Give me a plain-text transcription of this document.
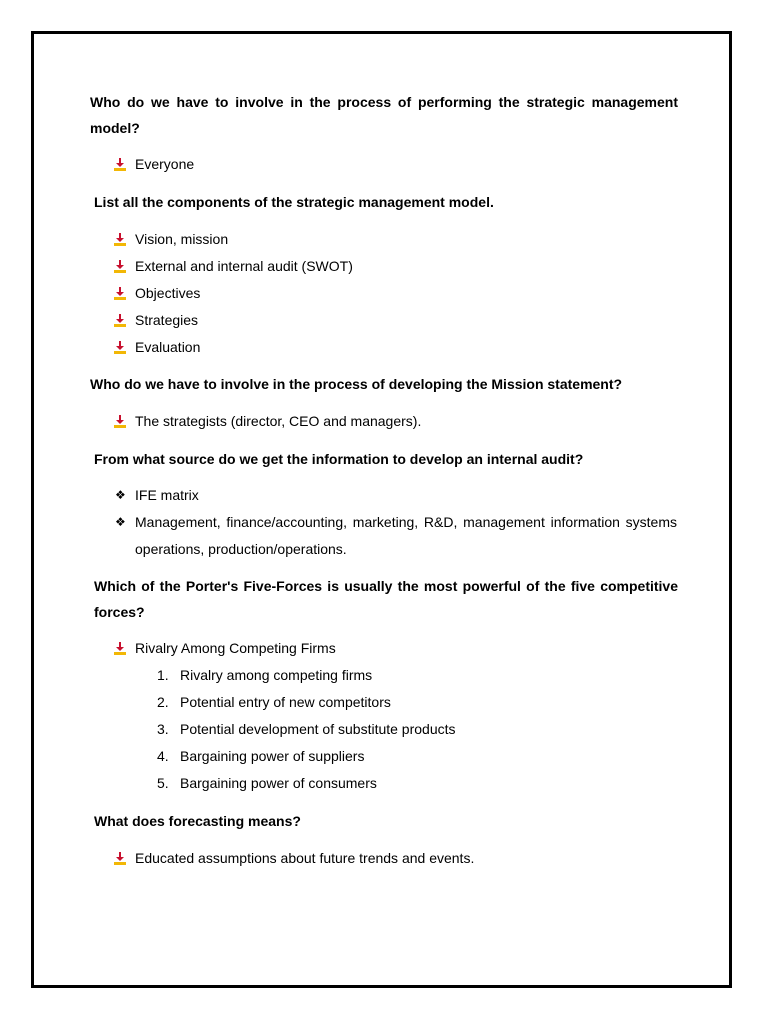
Who do we have to involve in the process of performing the strategic management model?

Everyone

List all the components of the strategic management model.

Vision, mission
External and internal audit (SWOT)
Objectives
Strategies
Evaluation

Who do we have to involve in the process of developing the Mission statement?

The strategists (director, CEO and managers).

From what source do we get the information to develop an internal audit?

❖ IFE matrix
❖ Management, finance/accounting, marketing, R&D, management information systems operations, production/operations.

Which of the Porter's Five-Forces is usually the most powerful of the five competitive forces?

Rivalry Among Competing Firms
1. Rivalry among competing firms
2. Potential entry of new competitors
3. Potential development of substitute products
4. Bargaining power of suppliers
5. Bargaining power of consumers

What does forecasting means?

Educated assumptions about future trends and events.
